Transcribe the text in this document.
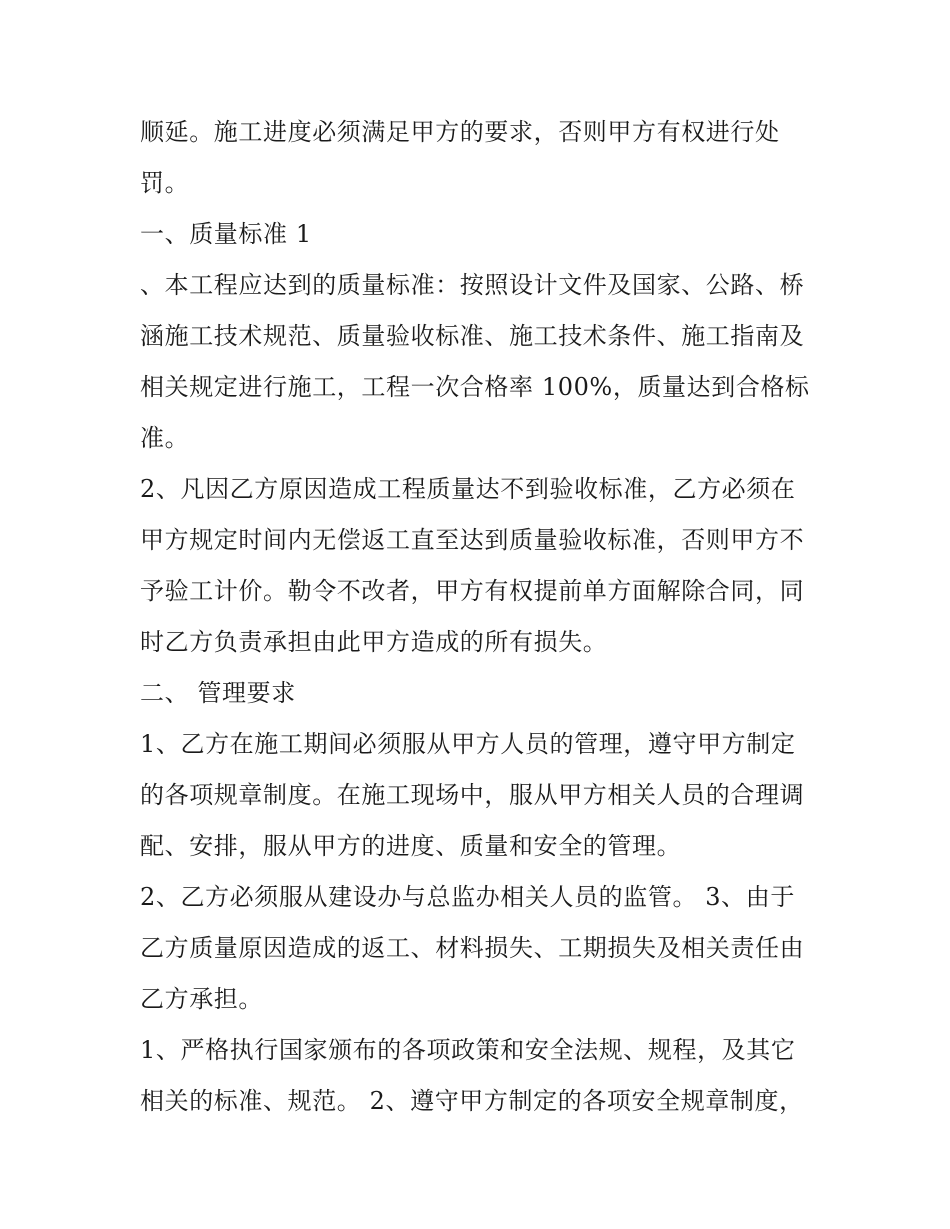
顺延。施工进度必须满足甲方的要求，否则甲方有权进行处
罚。
一、质量标准 1
、本工程应达到的质量标准：按照设计文件及国家、公路、桥
涵施工技术规范、质量验收标准、施工技术条件、施工指南及
相关规定进行施工，工程一次合格率 100%，质量达到合格标
准。
2、凡因乙方原因造成工程质量达不到验收标准，乙方必须在
甲方规定时间内无偿返工直至达到质量验收标准，否则甲方不
予验工计价。勒令不改者，甲方有权提前单方面解除合同，同
时乙方负责承担由此甲方造成的所有损失。
二、 管理要求
1、乙方在施工期间必须服从甲方人员的管理，遵守甲方制定
的各项规章制度。在施工现场中，服从甲方相关人员的合理调
配、安排，服从甲方的进度、质量和安全的管理。
2、乙方必须服从建设办与总监办相关人员的监管。 3、由于
乙方质量原因造成的返工、材料损失、工期损失及相关责任由
乙方承担。
1、严格执行国家颁布的各项政策和安全法规、规程，及其它
相关的标准、规范。 2、遵守甲方制定的各项安全规章制度，
